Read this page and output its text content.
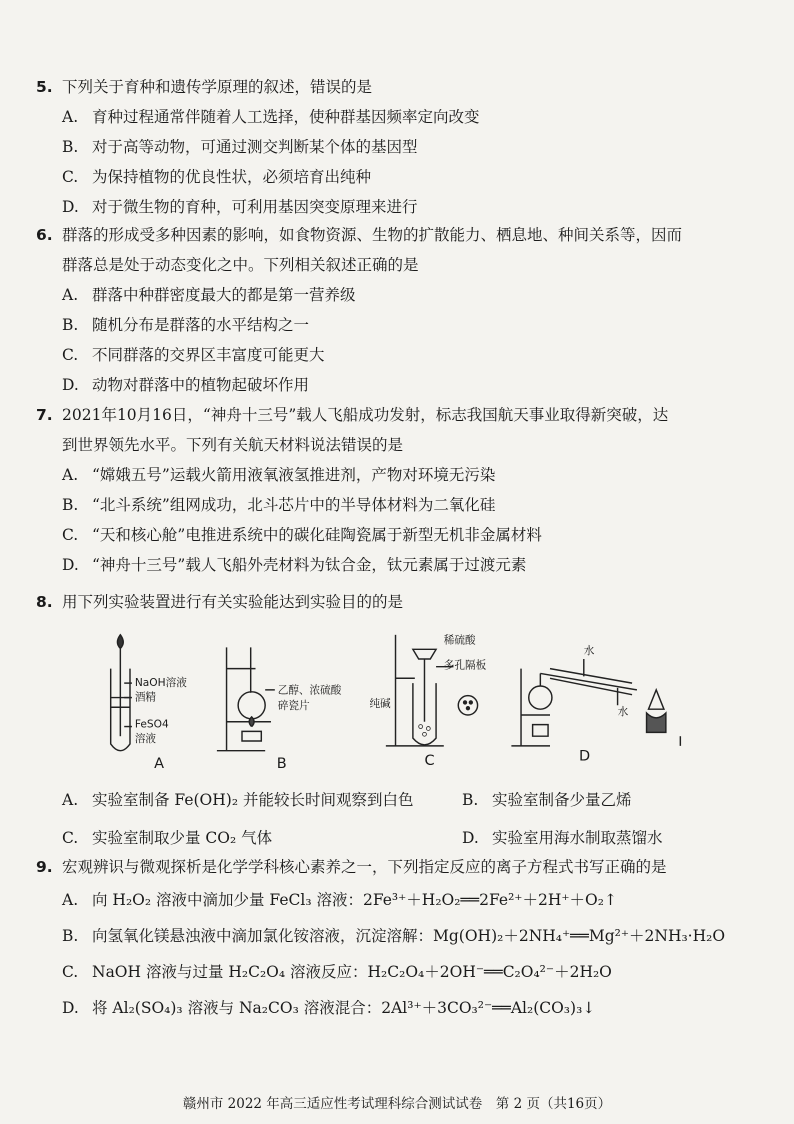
5. 下列关于育种和遗传学原理的叙述，错误的是
A. 育种过程通常伴随着人工选择，使种群基因频率定向改变
B. 对于高等动物，可通过测交判断某个体的基因型
C. 为保持植物的优良性状，必须培育出纯种
D. 对于微生物的育种，可利用基因突变原理来进行
6. 群落的形成受多种因素的影响，如食物资源、生物的扩散能力、栖息地、种间关系等，因而
群落总是处于动态变化之中。下列相关叙述正确的是
A. 群落中种群密度最大的都是第一营养级
B. 随机分布是群落的水平结构之一
C. 不同群落的交界区丰富度可能更大
D. 动物对群落中的植物起破坏作用
7. 2021年10月16日，“神舟十三号”载人飞船成功发射，标志我国航天事业取得新突破，达
到世界领先水平。下列有关航天材料说法错误的是
A. “嫦娥五号”运载火箭用液氧液氢推进剂，产物对环境无污染
B. “北斗系统”组网成功，北斗芯片中的半导体材料为二氧化硅
C. “天和核心舱”电推进系统中的碳化硅陶瓷属于新型无机非金属材料
D. “神舟十三号”载人飞船外壳材料为钛合金，钛元素属于过渡元素
8. 用下列实验装置进行有关实验能达到实验目的的是
NaOH溶液
酒精
FeSO4
溶液
乙醇、浓硫酸
碎瓷片
稀硫酸
多孔隔板
纯碱
水
水
A	B	C	D
A. 实验室制备 Fe(OH)₂ 并能较长时间观察到白色	B. 实验室制备少量乙烯
C. 实验室制取少量 CO₂ 气体	D. 实验室用海水制取蒸馏水
9. 宏观辨识与微观探析是化学学科核心素养之一，下列指定反应的离子方程式书写正确的是
A. 向 H₂O₂ 溶液中滴加少量 FeCl₃ 溶液：2Fe³⁺＋H₂O₂══2Fe²⁺＋2H⁺＋O₂↑
B. 向氢氧化镁悬浊液中滴加氯化铵溶液，沉淀溶解：Mg(OH)₂＋2NH₄⁺══Mg²⁺＋2NH₃·H₂O
C. NaOH 溶液与过量 H₂C₂O₄ 溶液反应：H₂C₂O₄＋2OH⁻══C₂O₄²⁻＋2H₂O
D. 将 Al₂(SO₄)₃ 溶液与 Na₂CO₃ 溶液混合：2Al³⁺＋3CO₃²⁻══Al₂(CO₃)₃↓
赣州市 2022 年高三适应性考试理科综合测试试卷　第 2 页（共16页）
